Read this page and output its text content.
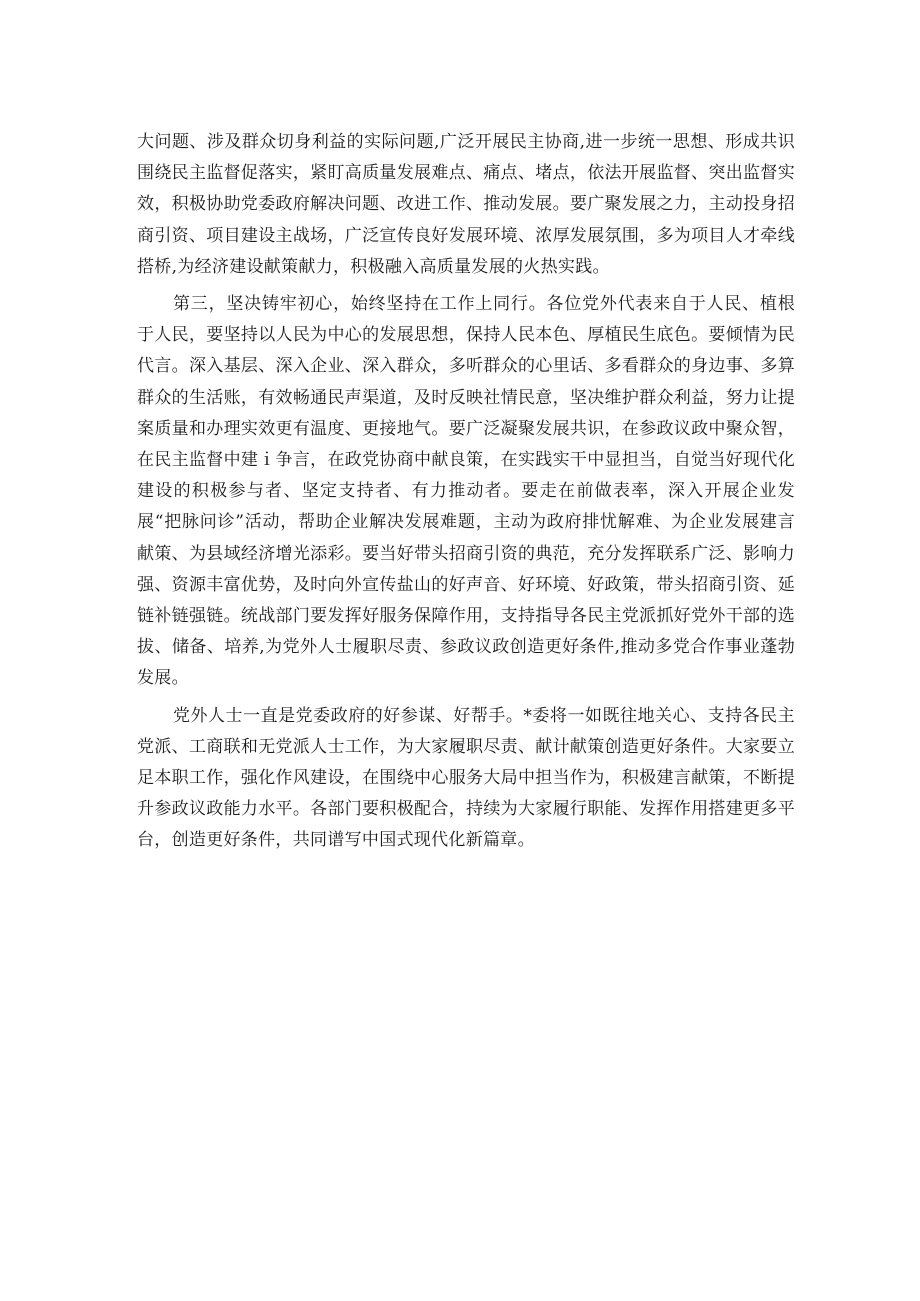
大问题、涉及群众切身利益的实际问题,广泛开展民主协商,进一步统一思想、形成共识围绕民主监督促落实，紧盯高质量发展难点、痛点、堵点，依法开展监督、突出监督实效，积极协助党委政府解决问题、改进工作、推动发展。要广聚发展之力，主动投身招商引资、项目建设主战场，广泛宣传良好发展环境、浓厚发展氛围，多为项目人才牵线搭桥,为经济建设献策献力，积极融入高质量发展的火热实践。

第三，坚决铸牢初心，始终坚持在工作上同行。各位党外代表来自于人民、植根于人民，要坚持以人民为中心的发展思想，保持人民本色、厚植民生底色。要倾情为民代言。深入基层、深入企业、深入群众，多听群众的心里话、多看群众的身边事、多算群众的生活账，有效畅通民声渠道，及时反映社情民意，坚决维护群众利益，努力让提案质量和办理实效更有温度、更接地气。要广泛凝聚发展共识，在参政议政中聚众智，在民主监督中建ｉ争言，在政党协商中献良策，在实践实干中显担当，自觉当好现代化建设的积极参与者、坚定支持者、有力推动者。要走在前做表率，深入开展企业发展“把脉问诊”活动，帮助企业解决发展难题，主动为政府排忧解难、为企业发展建言献策、为县域经济增光添彩。要当好带头招商引资的典范，充分发挥联系广泛、影响力强、资源丰富优势，及时向外宣传盐山的好声音、好环境、好政策，带头招商引资、延链补链强链。统战部门要发挥好服务保障作用，支持指导各民主党派抓好党外干部的选拔、储备、培养,为党外人士履职尽责、参政议政创造更好条件,推动多党合作事业蓬勃发展。

党外人士一直是党委政府的好参谋、好帮手。*委将一如既往地关心、支持各民主党派、工商联和无党派人士工作，为大家履职尽责、献计献策创造更好条件。大家要立足本职工作，强化作风建设，在围绕中心服务大局中担当作为，积极建言献策，不断提升参政议政能力水平。各部门要积极配合，持续为大家履行职能、发挥作用搭建更多平台，创造更好条件，共同谱写中国式现代化新篇章。
